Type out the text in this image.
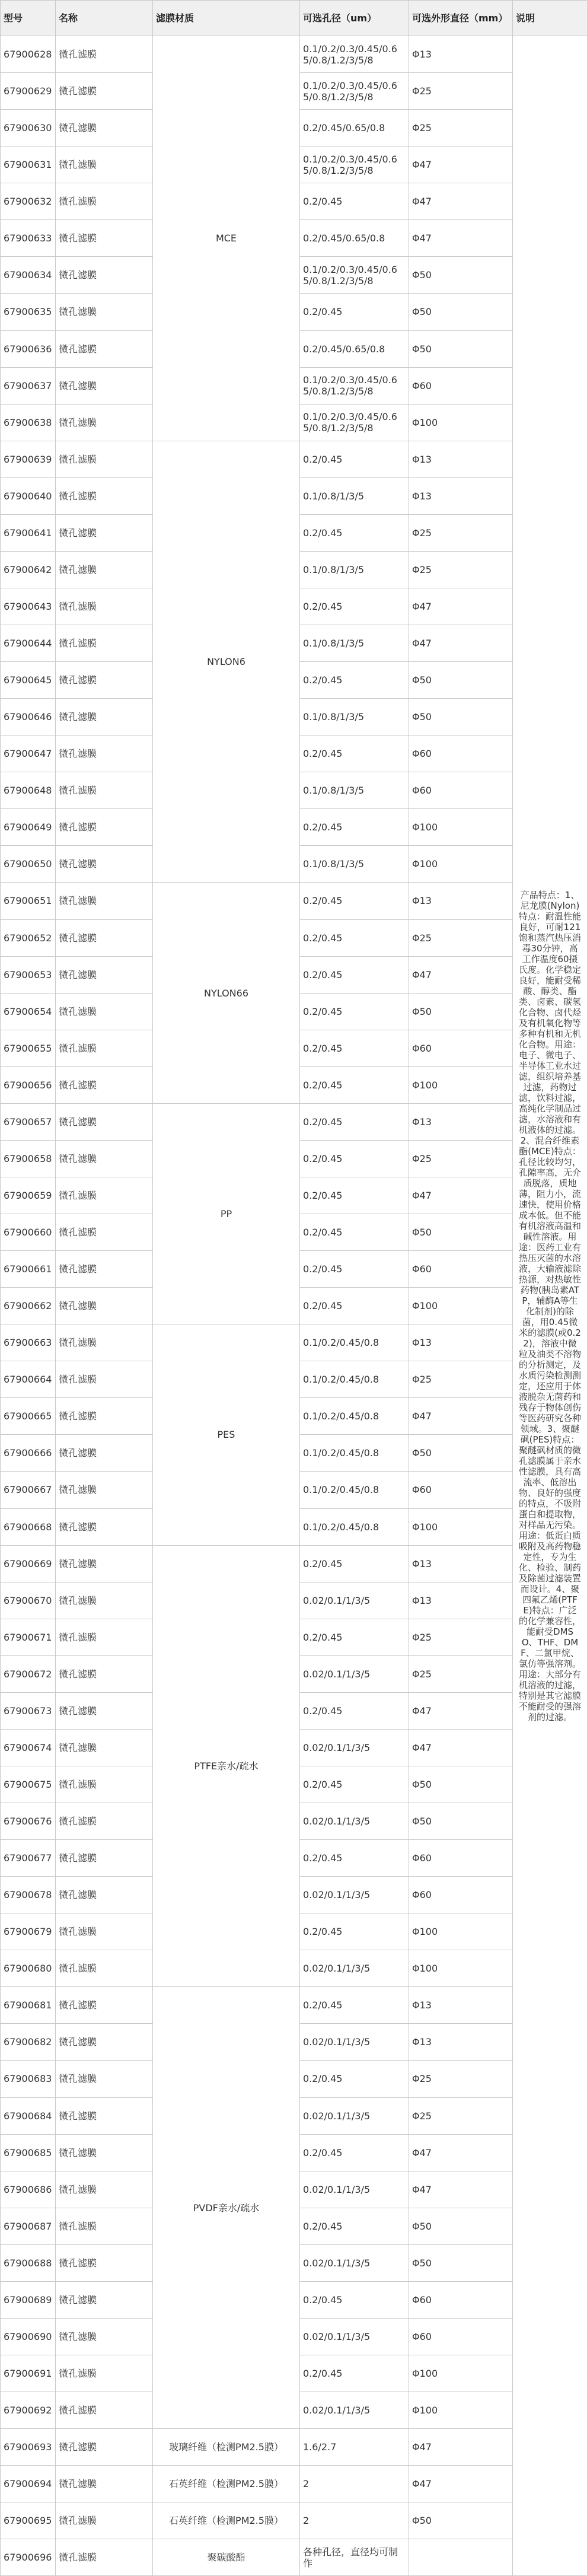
型号	名称	滤膜材质	可选孔径（um）	可选外形直径（mm）	说明
67900628	微孔滤膜	MCE	0.1/0.2/0.3/0.45/0.65/0.8/1.2/3/5/8	Φ13	产品特点：1、尼龙膜(Nylon)特点：耐温性能良好，可耐121饱和蒸汽热压消毒30分钟，高工作温度60摄氏度。化学稳定良好，能耐受稀酸、醇类、酯类、卤素、碳氢化合物、卤代烃及有机氧化物等多种有机和无机化合物。用途：电子、微电子、半导体工业水过滤，组织培养基过滤，药物过滤，饮料过滤，高纯化学制品过滤，水溶液和有机液体的过滤。2、混合纤维素酯(MCE)特点：孔径比较均匀，孔隙率高，无介质脱落，质地薄，阻力小，流速快，使用价格成本低。但不能有机溶液高温和碱性溶液。用途：医药工业有热压灭菌的水溶液，大输液滤除热源，对热敏性药物(胰岛素ATP，辅酶A等生化制剂)的除菌，用0.45微米的滤膜(或0.22)，溶液中微粒及油类不溶物的分析测定，及水质污染检测测定，还应用于体液脱杂无菌药和残存于物体创伤等医药研究各种领域。3、聚醚砜(PES)特点：聚醚砜材质的微孔滤膜属于亲水性滤膜，具有高流率、低溶出物、良好的强度的特点，不吸附蛋白和提取物，对样品无污染。用途：低蛋白质吸附及高药物稳定性，专为生化、检验、制药及除菌过滤装置而设计。4、聚四氟乙烯(PTFE)特点：广泛的化学兼容性，能耐受DMSO、THF、DMF、二氯甲烷、氯仿等强溶剂。用途：大部分有机溶液的过滤，特别是其它滤膜不能耐受的强溶剂的过滤。
67900629	微孔滤膜		0.1/0.2/0.3/0.45/0.65/0.8/1.2/3/5/8	Φ25	
67900630	微孔滤膜		0.2/0.45/0.65/0.8	Φ25	
67900631	微孔滤膜		0.1/0.2/0.3/0.45/0.65/0.8/1.2/3/5/8	Φ47	
67900632	微孔滤膜		0.2/0.45	Φ47	
67900633	微孔滤膜		0.2/0.45/0.65/0.8	Φ47	
67900634	微孔滤膜		0.1/0.2/0.3/0.45/0.65/0.8/1.2/3/5/8	Φ50	
67900635	微孔滤膜		0.2/0.45	Φ50	
67900636	微孔滤膜		0.2/0.45/0.65/0.8	Φ50	
67900637	微孔滤膜		0.1/0.2/0.3/0.45/0.65/0.8/1.2/3/5/8	Φ60	
67900638	微孔滤膜		0.1/0.2/0.3/0.45/0.65/0.8/1.2/3/5/8	Φ100	
67900639	微孔滤膜	NYLON6	0.2/0.45	Φ13	
67900640	微孔滤膜		0.1/0.8/1/3/5	Φ13	
67900641	微孔滤膜		0.2/0.45	Φ25	
67900642	微孔滤膜		0.1/0.8/1/3/5	Φ25	
67900643	微孔滤膜		0.2/0.45	Φ47	
67900644	微孔滤膜		0.1/0.8/1/3/5	Φ47	
67900645	微孔滤膜		0.2/0.45	Φ50	
67900646	微孔滤膜		0.1/0.8/1/3/5	Φ50	
67900647	微孔滤膜		0.2/0.45	Φ60	
67900648	微孔滤膜		0.1/0.8/1/3/5	Φ60	
67900649	微孔滤膜		0.2/0.45	Φ100	
67900650	微孔滤膜		0.1/0.8/1/3/5	Φ100	
67900651	微孔滤膜	NYLON66	0.2/0.45	Φ13	
67900652	微孔滤膜		0.2/0.45	Φ25	
67900653	微孔滤膜		0.2/0.45	Φ47	
67900654	微孔滤膜		0.2/0.45	Φ50	
67900655	微孔滤膜		0.2/0.45	Φ60	
67900656	微孔滤膜		0.2/0.45	Φ100	
67900657	微孔滤膜	PP	0.2/0.45	Φ13	
67900658	微孔滤膜		0.2/0.45	Φ25	
67900659	微孔滤膜		0.2/0.45	Φ47	
67900660	微孔滤膜		0.2/0.45	Φ50	
67900661	微孔滤膜		0.2/0.45	Φ60	
67900662	微孔滤膜		0.2/0.45	Φ100	
67900663	微孔滤膜	PES	0.1/0.2/0.45/0.8	Φ13	
67900664	微孔滤膜		0.1/0.2/0.45/0.8	Φ25	
67900665	微孔滤膜		0.1/0.2/0.45/0.8	Φ47	
67900666	微孔滤膜		0.1/0.2/0.45/0.8	Φ50	
67900667	微孔滤膜		0.1/0.2/0.45/0.8	Φ60	
67900668	微孔滤膜		0.1/0.2/0.45/0.8	Φ100	
67900669	微孔滤膜	PTFE亲水/疏水	0.2/0.45	Φ13	
67900670	微孔滤膜		0.02/0.1/1/3/5	Φ13	
67900671	微孔滤膜		0.2/0.45	Φ25	
67900672	微孔滤膜		0.02/0.1/1/3/5	Φ25	
67900673	微孔滤膜		0.2/0.45	Φ47	
67900674	微孔滤膜		0.02/0.1/1/3/5	Φ47	
67900675	微孔滤膜		0.2/0.45	Φ50	
67900676	微孔滤膜		0.02/0.1/1/3/5	Φ50	
67900677	微孔滤膜		0.2/0.45	Φ60	
67900678	微孔滤膜		0.02/0.1/1/3/5	Φ60	
67900679	微孔滤膜		0.2/0.45	Φ100	
67900680	微孔滤膜		0.02/0.1/1/3/5	Φ100	
67900681	微孔滤膜	PVDF亲水/疏水	0.2/0.45	Φ13	
67900682	微孔滤膜		0.02/0.1/1/3/5	Φ13	
67900683	微孔滤膜		0.2/0.45	Φ25	
67900684	微孔滤膜		0.02/0.1/1/3/5	Φ25	
67900685	微孔滤膜		0.2/0.45	Φ47	
67900686	微孔滤膜		0.02/0.1/1/3/5	Φ47	
67900687	微孔滤膜		0.2/0.45	Φ50	
67900688	微孔滤膜		0.02/0.1/1/3/5	Φ50	
67900689	微孔滤膜		0.2/0.45	Φ60	
67900690	微孔滤膜		0.02/0.1/1/3/5	Φ60	
67900691	微孔滤膜		0.2/0.45	Φ100	
67900692	微孔滤膜		0.02/0.1/1/3/5	Φ100	
67900693	微孔滤膜	玻璃纤维（检测PM2.5膜）	1.6/2.7	Φ47	
67900694	微孔滤膜	石英纤维（检测PM2.5膜）	2	Φ47	
67900695	微孔滤膜	石英纤维（检测PM2.5膜）	2	Φ50	
67900696	微孔滤膜	聚碳酸酯	各种孔径，直径均可制作		
